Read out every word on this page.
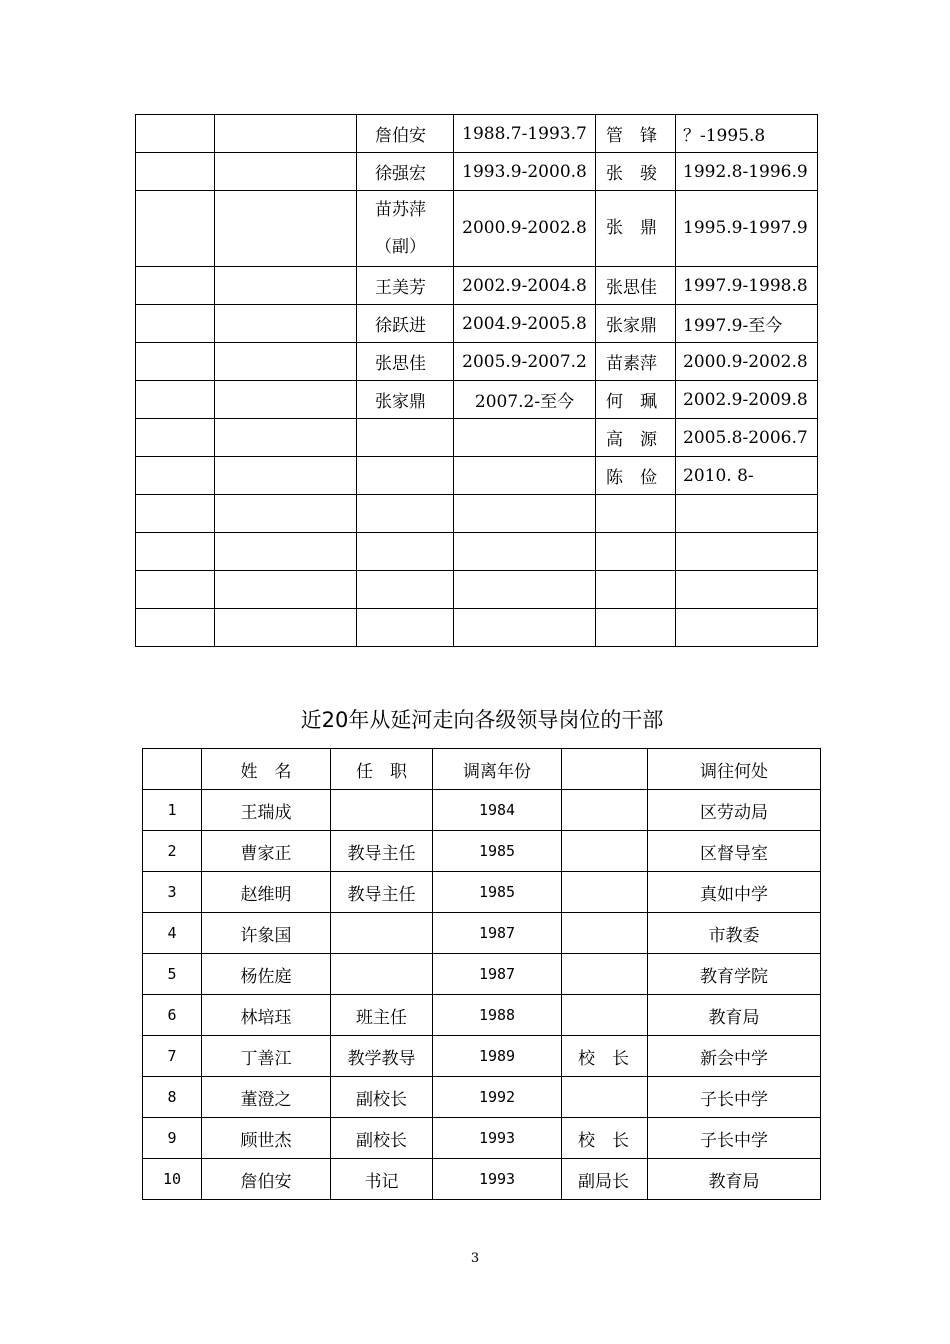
		詹伯安	1988.7-1993.7	管　锋	？-1995.8
		徐强宏	1993.9-2000.8	张　骏	1992.8-1996.9
		苗苏萍（副）	2000.9-2002.8	张　鼎	1995.9-1997.9
		王美芳	2002.9-2004.8	张思佳	1997.9-1998.8
		徐跃进	2004.9-2005.8	张家鼎	1997.9-至今
		张思佳	2005.9-2007.2	苗素萍	2000.9-2002.8
		张家鼎	2007.2-至今	何　珮	2002.9-2009.8
				高　源	2005.8-2006.7
				陈　俭	2010. 8-

近20年从延河走向各级领导岗位的干部
	姓　名	任　职	调离年份		调往何处
1	王瑞成		1984		区劳动局
2	曹家正	教导主任	1985		区督导室
3	赵维明	教导主任	1985		真如中学
4	许象国		1987		市教委
5	杨佐庭		1987		教育学院
6	林培珏	班主任	1988		教育局
7	丁善江	教学教导	1989	校　长	新会中学
8	董澄之	副校长	1992		子长中学
9	顾世杰	副校长	1993	校　长	子长中学
10	詹伯安	书记	1993	副局长	教育局
3
